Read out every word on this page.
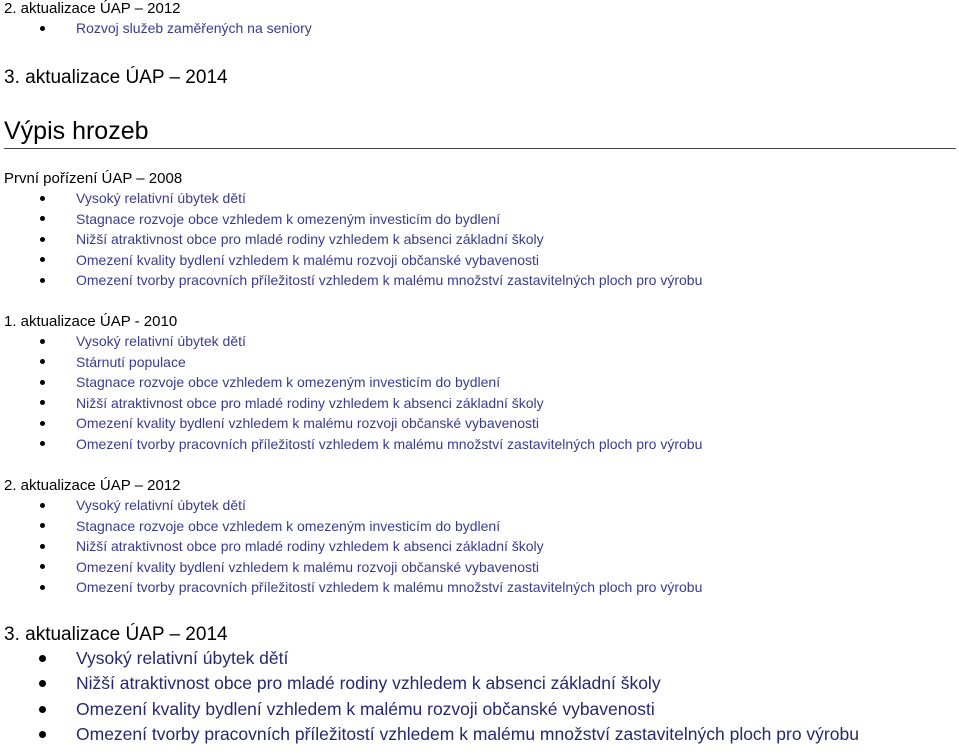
2. aktualizace ÚAP – 2012
Rozvoj služeb zaměřených na seniory
3. aktualizace ÚAP – 2014
Výpis hrozeb
První pořízení ÚAP – 2008
Vysoký relativní úbytek dětí
Stagnace rozvoje obce vzhledem k omezeným investicím do bydlení
Nižší atraktivnost obce pro mladé rodiny vzhledem k absenci základní školy
Omezení kvality bydlení vzhledem k malému rozvoji občanské vybavenosti
Omezení tvorby pracovních příležitostí vzhledem k malému množství zastavitelných ploch pro výrobu
1. aktualizace ÚAP - 2010
Vysoký relativní úbytek dětí
Stárnutí populace
Stagnace rozvoje obce vzhledem k omezeným investicím do bydlení
Nižší atraktivnost obce pro mladé rodiny vzhledem k absenci základní školy
Omezení kvality bydlení vzhledem k malému rozvoji občanské vybavenosti
Omezení tvorby pracovních příležitostí vzhledem k malému množství zastavitelných ploch pro výrobu
2. aktualizace ÚAP – 2012
Vysoký relativní úbytek dětí
Stagnace rozvoje obce vzhledem k omezeným investicím do bydlení
Nižší atraktivnost obce pro mladé rodiny vzhledem k absenci základní školy
Omezení kvality bydlení vzhledem k malému rozvoji občanské vybavenosti
Omezení tvorby pracovních příležitostí vzhledem k malému množství zastavitelných ploch pro výrobu
3. aktualizace ÚAP – 2014
Vysoký relativní úbytek dětí
Nižší atraktivnost obce pro mladé rodiny vzhledem k absenci základní školy
Omezení kvality bydlení vzhledem k malému rozvoji občanské vybavenosti
Omezení tvorby pracovních příležitostí vzhledem k malému množství zastavitelných ploch pro výrobu
